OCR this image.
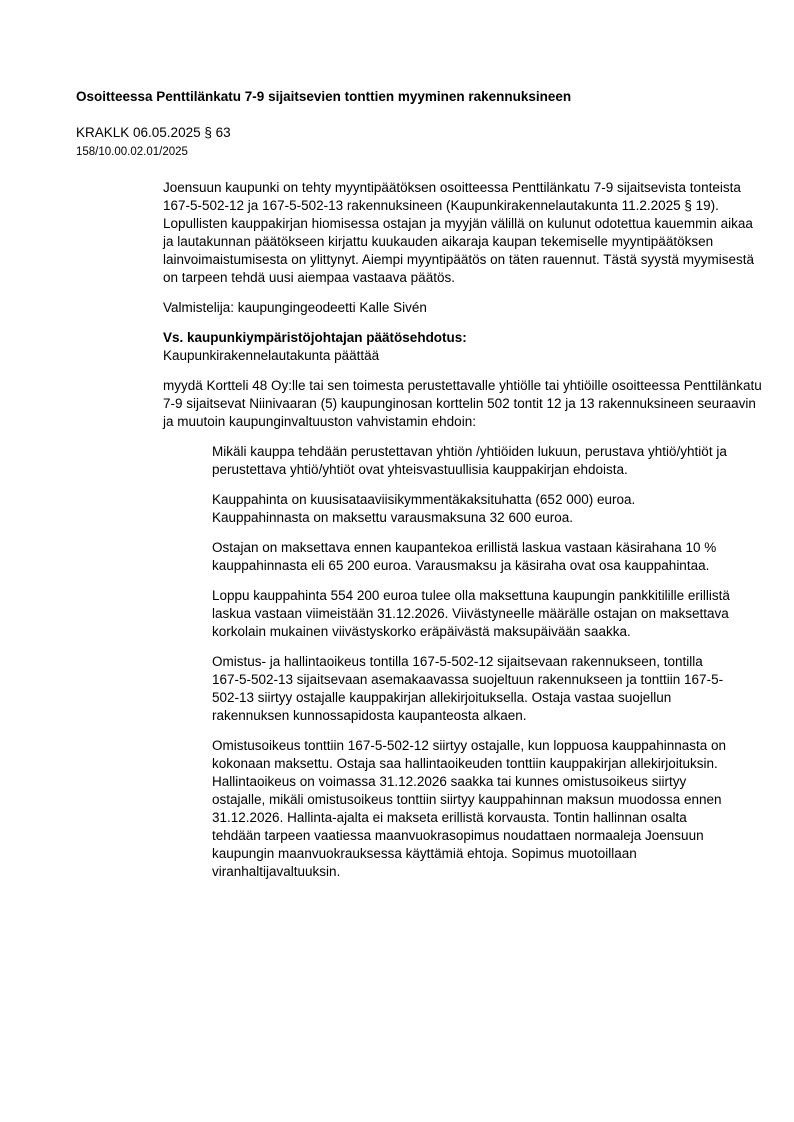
Osoitteessa Penttilänkatu 7-9 sijaitsevien tonttien myyminen rakennuksineen

KRAKLK 06.05.2025 § 63

158/10.00.02.01/2025

Joensuun kaupunki on tehty myyntipäätöksen osoitteessa Penttilänkatu 7-9 sijaitsevista tonteista 167-5-502-12 ja 167-5-502-13 rakennuksineen (Kaupunkirakennelautakunta 11.2.2025 § 19). Lopullisten kauppakirjan hiomisessa ostajan ja myyjän välillä on kulunut odotettua kauemmin aikaa ja lautakunnan päätökseen kirjattu kuukauden aikaraja kaupan tekemiselle myyntipäätöksen lainvoimaistumisesta on ylittynyt. Aiempi myyntipäätös on täten rauennut. Tästä syystä myymisestä on tarpeen tehdä uusi aiempaa vastaava päätös.

Valmistelija: kaupungingeodeetti Kalle Sivén

Vs. kaupunkiympäristöjohtajan päätösehdotus:

Kaupunkirakennelautakunta päättää

myydä Kortteli 48 Oy:lle tai sen toimesta perustettavalle yhtiölle tai yhtiöille osoitteessa Penttilänkatu 7-9 sijaitsevat Niinivaaran (5) kaupunginosan korttelin 502 tontit 12 ja 13 rakennuksineen seuraavin ja muutoin kaupunginvaltuuston vahvistamin ehdoin:

Mikäli kauppa tehdään perustettavan yhtiön /yhtiöiden lukuun, perustava yhtiö/yhtiöt ja perustettava yhtiö/yhtiöt ovat yhteisvastuullisia kauppakirjan ehdoista.

Kauppahinta on kuusisataaviisikymmentäkaksituhatta (652 000) euroa. Kauppahinnasta on maksettu varausmaksuna 32 600 euroa.

Ostajan on maksettava ennen kaupantekoa erillistä laskua vastaan käsirahana 10 % kauppahinnasta eli 65 200 euroa. Varausmaksu ja käsiraha ovat osa kauppahintaa.

Loppu kauppahinta 554 200 euroa tulee olla maksettuna kaupungin pankkitilille erillistä laskua vastaan viimeistään 31.12.2026. Viivästyneelle määrälle ostajan on maksettava korkolain mukainen viivästyskorko eräpäivästä maksupäivään saakka.

Omistus- ja hallintaoikeus tontilla 167-5-502-12 sijaitsevaan rakennukseen, tontilla 167-5-502-13 sijaitsevaan asemakaavassa suojeltuun rakennukseen ja tonttiin 167-5-502-13 siirtyy ostajalle kauppakirjan allekirjoituksella. Ostaja vastaa suojellun rakennuksen kunnossapidosta kaupanteosta alkaen.

Omistusoikeus tonttiin 167-5-502-12 siirtyy ostajalle, kun loppuosa kauppahinnasta on kokonaan maksettu. Ostaja saa hallintaoikeuden tonttiin kauppakirjan allekirjoituksin. Hallintaoikeus on voimassa 31.12.2026 saakka tai kunnes omistusoikeus siirtyy ostajalle, mikäli omistusoikeus tonttiin siirtyy kauppahinnan maksun muodossa ennen 31.12.2026. Hallinta-ajalta ei makseta erillistä korvausta. Tontin hallinnan osalta tehdään tarpeen vaatiessa maanvuokrasopimus noudattaen normaaleja Joensuun kaupungin maanvuokrauksessa käyttämiä ehtoja. Sopimus muotoillaan viranhaltijavaltuuksin.
